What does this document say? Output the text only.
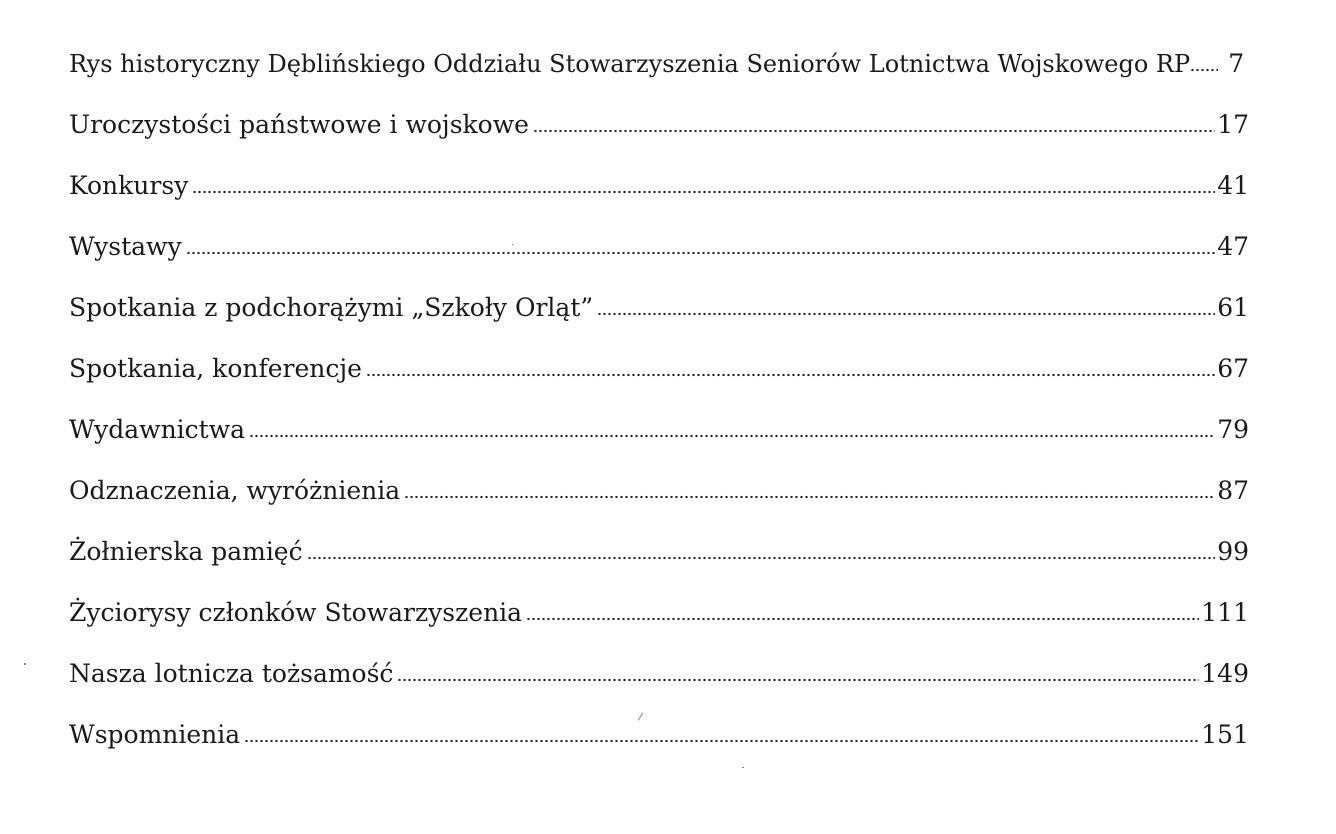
Rys historyczny Dęblińskiego Oddziału Stowarzyszenia Seniorów Lotnictwa Wojskowego RP	7
Uroczystości państwowe i wojskowe	17
Konkursy	41
Wystawy	47
Spotkania z podchorążymi „Szkoły Orląt”	61
Spotkania, konferencje	67
Wydawnictwa	79
Odznaczenia, wyróżnienia	87
Żołnierska pamięć	99
Życiorysy członków Stowarzyszenia	111
Nasza lotnicza tożsamość	149
Wspomnienia	151
